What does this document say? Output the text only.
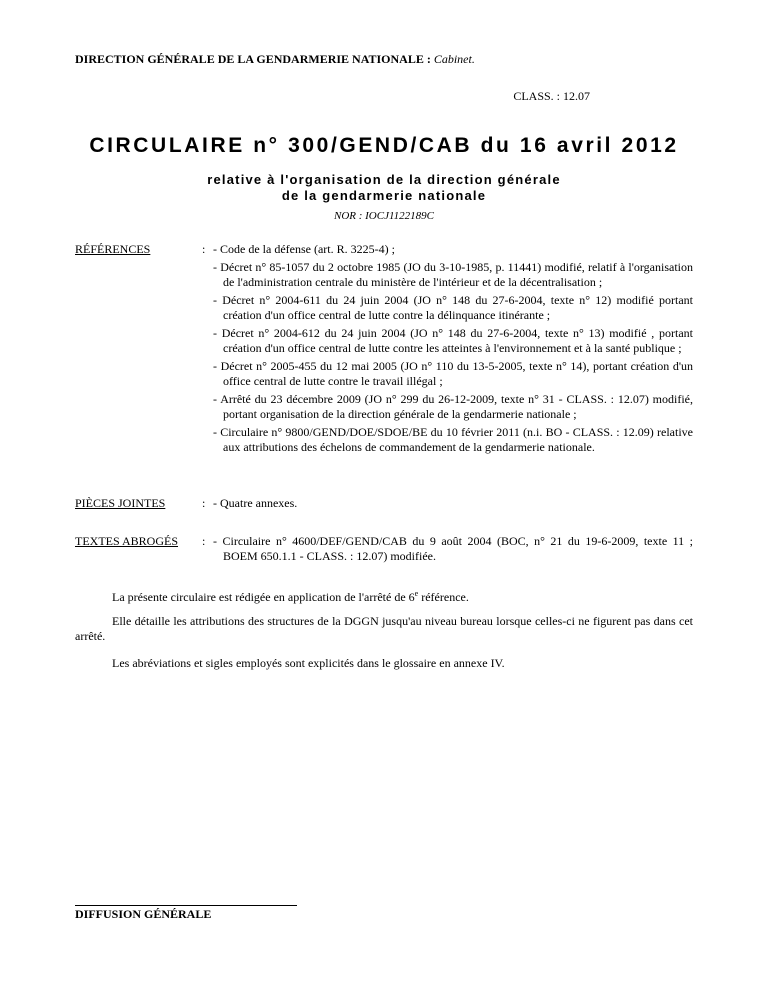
DIRECTION GÉNÉRALE DE LA GENDARMERIE NATIONALE : Cabinet.
CLASS. : 12.07
CIRCULAIRE n° 300/GEND/CAB du 16 avril 2012
relative à l'organisation de la direction générale
de la gendarmerie nationale
NOR : IOCJ1122189C
RÉFÉRENCES	:	- Code de la défense (art. R. 3225-4) ;
- Décret n° 85-1057 du 2 octobre 1985 (JO du 3-10-1985, p. 11441) modifié, relatif à l'organisation de l'administration centrale du ministère de l'intérieur et de la décentralisation ;
- Décret n° 2004-611 du 24 juin 2004 (JO n° 148 du 27-6-2004, texte n° 12) modifié portant création d'un office central de lutte contre la délinquance itinérante ;
- Décret n° 2004-612 du 24 juin 2004 (JO n° 148 du 27-6-2004, texte n° 13) modifié , portant création d'un office central de lutte contre les atteintes à l'environnement et à la santé publique ;
- Décret n° 2005-455 du 12 mai 2005 (JO n° 110 du 13-5-2005, texte n° 14), portant création d'un office central de lutte contre le travail illégal ;
- Arrêté du 23 décembre 2009 (JO n° 299 du 26-12-2009, texte n° 31 - CLASS. : 12.07) modifié, portant organisation de la direction générale de la gendarmerie nationale ;
- Circulaire n° 9800/GEND/DOE/SDOE/BE du 10 février 2011 (n.i. BO - CLASS. : 12.09) relative aux attributions des échelons de commandement de la gendarmerie nationale.
PIÈCES JOINTES	:	- Quatre annexes.
TEXTES ABROGÉS :	- Circulaire n° 4600/DEF/GEND/CAB du 9 août 2004 (BOC, n° 21 du 19-6-2009, texte 11 ; BOEM 650.1.1 - CLASS. : 12.07) modifiée.

La présente circulaire est rédigée en application de l'arrêté de 6e référence.

Elle détaille les attributions des structures de la DGGN jusqu'au niveau bureau lorsque celles-ci ne figurent pas dans cet arrêté.

Les abréviations et sigles employés sont explicités dans le glossaire en annexe IV.

DIFFUSION GÉNÉRALE
